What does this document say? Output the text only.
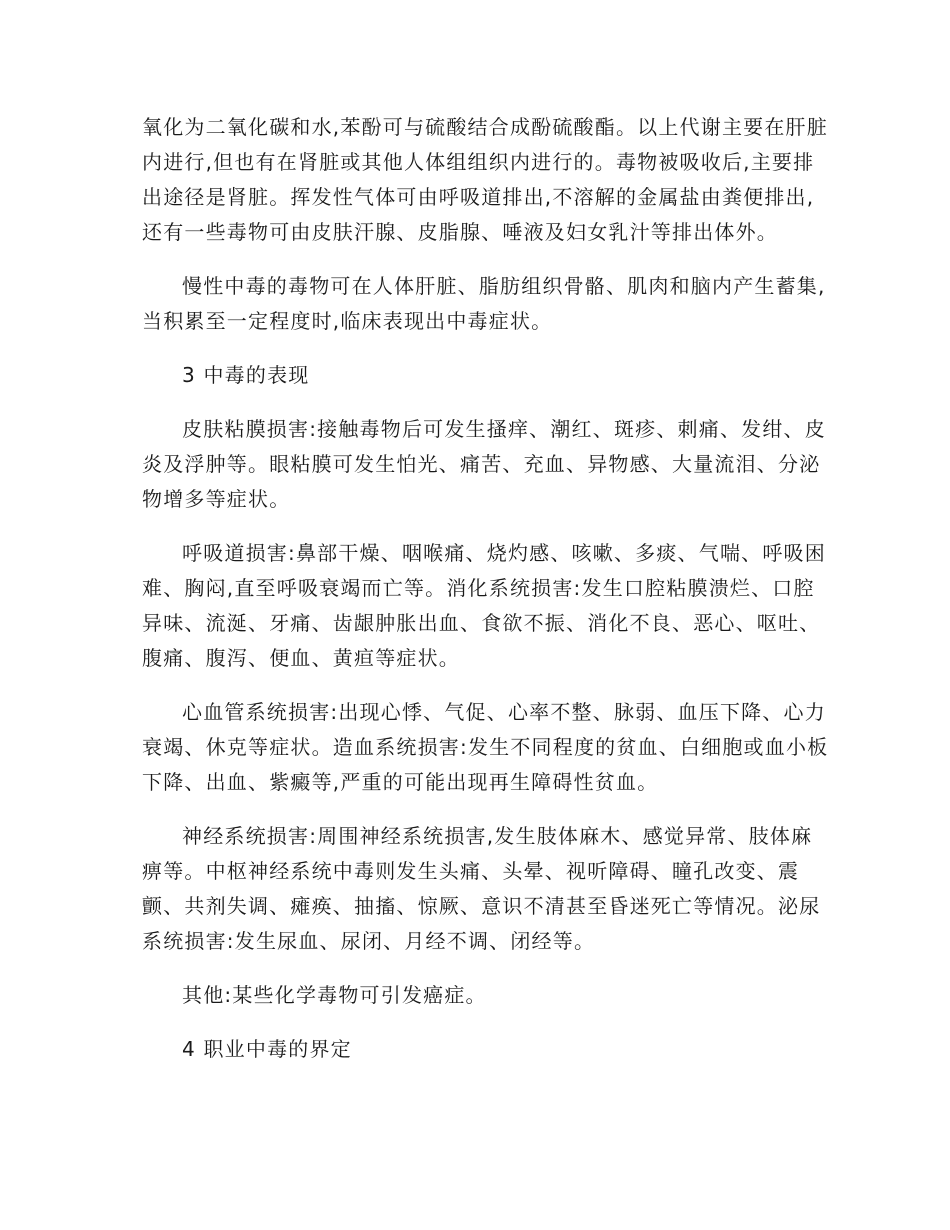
氧化为二氧化碳和水,苯酚可与硫酸结合成酚硫酸酯。以上代谢主要在肝脏内进行,但也有在肾脏或其他人体组组织内进行的。毒物被吸收后,主要排出途径是肾脏。挥发性气体可由呼吸道排出,不溶解的金属盐由粪便排出,还有一些毒物可由皮肤汗腺、皮脂腺、唾液及妇女乳汁等排出体外。

慢性中毒的毒物可在人体肝脏、脂肪组织骨骼、肌肉和脑内产生蓄集,当积累至一定程度时,临床表现出中毒症状。

3 中毒的表现

皮肤粘膜损害:接触毒物后可发生搔痒、潮红、斑疹、刺痛、发绀、皮炎及浮肿等。眼粘膜可发生怕光、痛苦、充血、异物感、大量流泪、分泌物增多等症状。

呼吸道损害:鼻部干燥、咽喉痛、烧灼感、咳嗽、多痰、气喘、呼吸困难、胸闷,直至呼吸衰竭而亡等。消化系统损害:发生口腔粘膜溃烂、口腔异味、流涎、牙痛、齿龈肿胀出血、食欲不振、消化不良、恶心、呕吐、腹痛、腹泻、便血、黄疸等症状。

心血管系统损害:出现心悸、气促、心率不整、脉弱、血压下降、心力衰竭、休克等症状。造血系统损害:发生不同程度的贫血、白细胞或血小板下降、出血、紫癜等,严重的可能出现再生障碍性贫血。

神经系统损害:周围神经系统损害,发生肢体麻木、感觉异常、肢体麻痹等。中枢神经系统中毒则发生头痛、头晕、视听障碍、瞳孔改变、震颤、共剂失调、瘫痪、抽搐、惊厥、意识不清甚至昏迷死亡等情况。泌尿系统损害:发生尿血、尿闭、月经不调、闭经等。

其他:某些化学毒物可引发癌症。

4 职业中毒的界定
